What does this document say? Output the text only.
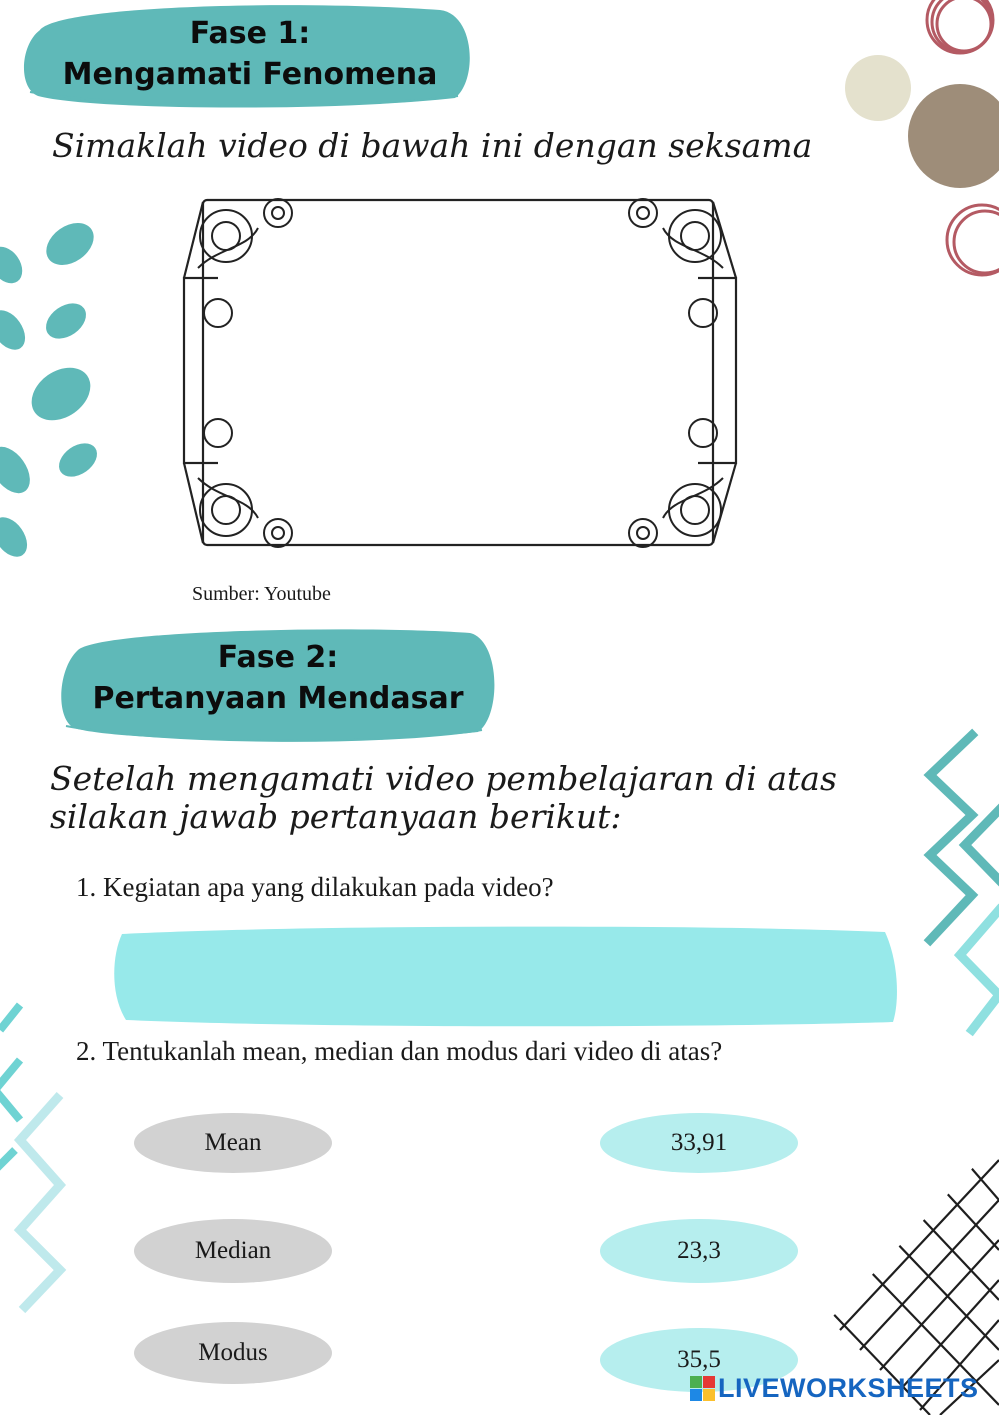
Fase 1:
Mengamati Fenomena
Simaklah video di bawah ini dengan seksama
Sumber: Youtube
Fase 2:
Pertanyaan Mendasar
Setelah mengamati video pembelajaran di atas silakan jawab pertanyaan berikut:
1. Kegiatan apa yang dilakukan pada video?
2. Tentukanlah mean, median dan modus dari video di atas?
Mean	33,91
Median	23,3
Modus	35,5
LIVEWORKSHEETS
